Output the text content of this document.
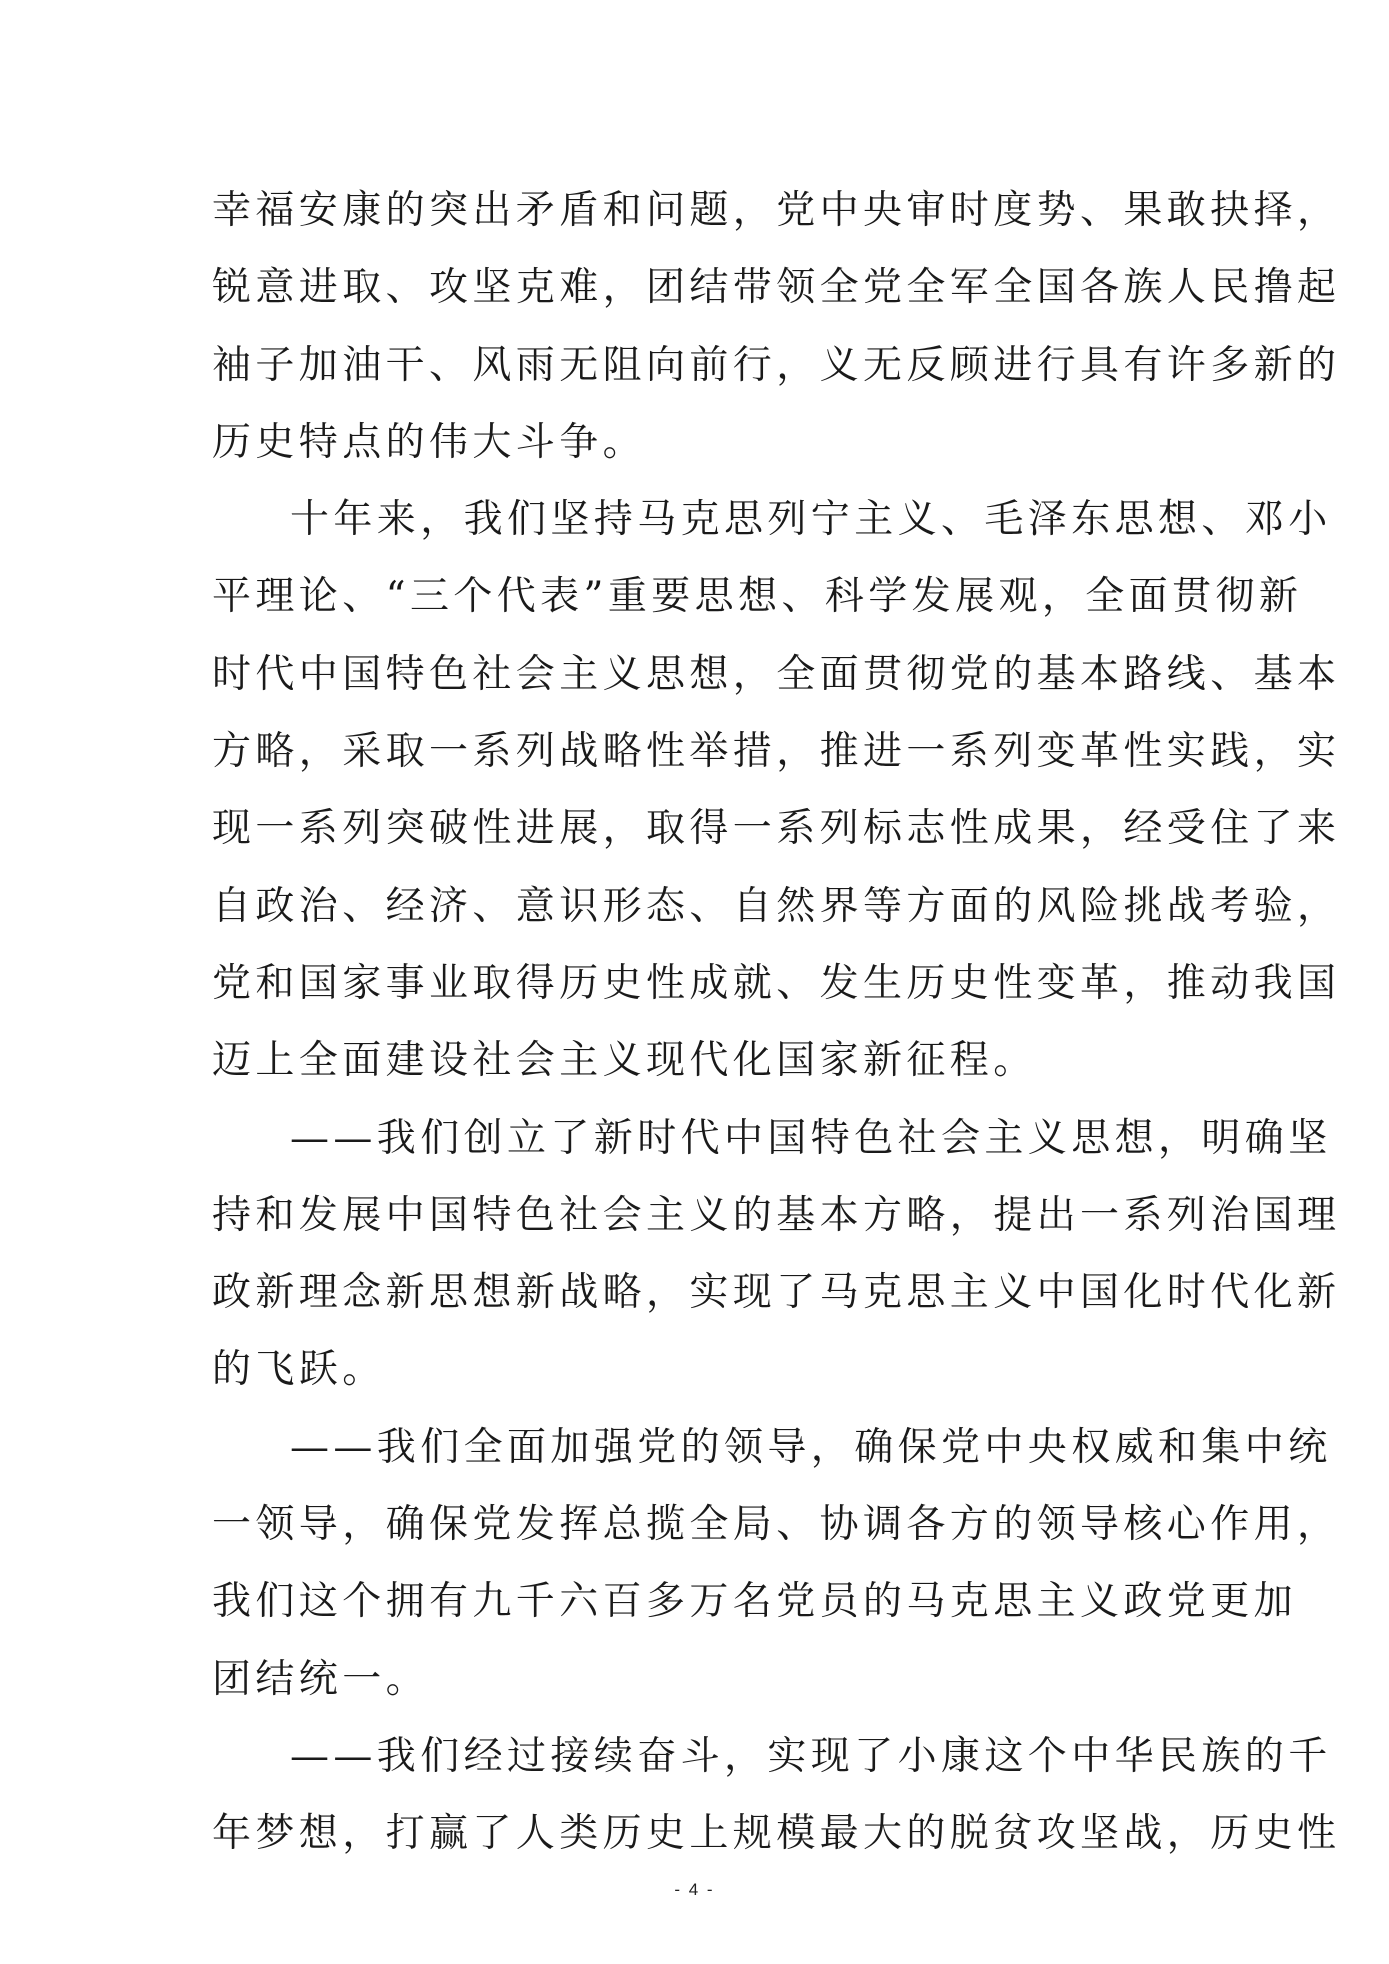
幸福安康的突出矛盾和问题，党中央审时度势、果敢抉择，
锐意进取、攻坚克难，团结带领全党全军全国各族人民撸起
袖子加油干、风雨无阻向前行，义无反顾进行具有许多新的
历史特点的伟大斗争。
十年来，我们坚持马克思列宁主义、毛泽东思想、邓小
平理论、“三个代表”重要思想、科学发展观，全面贯彻新
时代中国特色社会主义思想，全面贯彻党的基本路线、基本
方略，采取一系列战略性举措，推进一系列变革性实践，实
现一系列突破性进展，取得一系列标志性成果，经受住了来
自政治、经济、意识形态、自然界等方面的风险挑战考验，
党和国家事业取得历史性成就、发生历史性变革，推动我国
迈上全面建设社会主义现代化国家新征程。
——我们创立了新时代中国特色社会主义思想，明确坚
持和发展中国特色社会主义的基本方略，提出一系列治国理
政新理念新思想新战略，实现了马克思主义中国化时代化新
的飞跃。
——我们全面加强党的领导，确保党中央权威和集中统
一领导，确保党发挥总揽全局、协调各方的领导核心作用，
我们这个拥有九千六百多万名党员的马克思主义政党更加
团结统一。
——我们经过接续奋斗，实现了小康这个中华民族的千
年梦想，打赢了人类历史上规模最大的脱贫攻坚战，历史性
- 4 -
